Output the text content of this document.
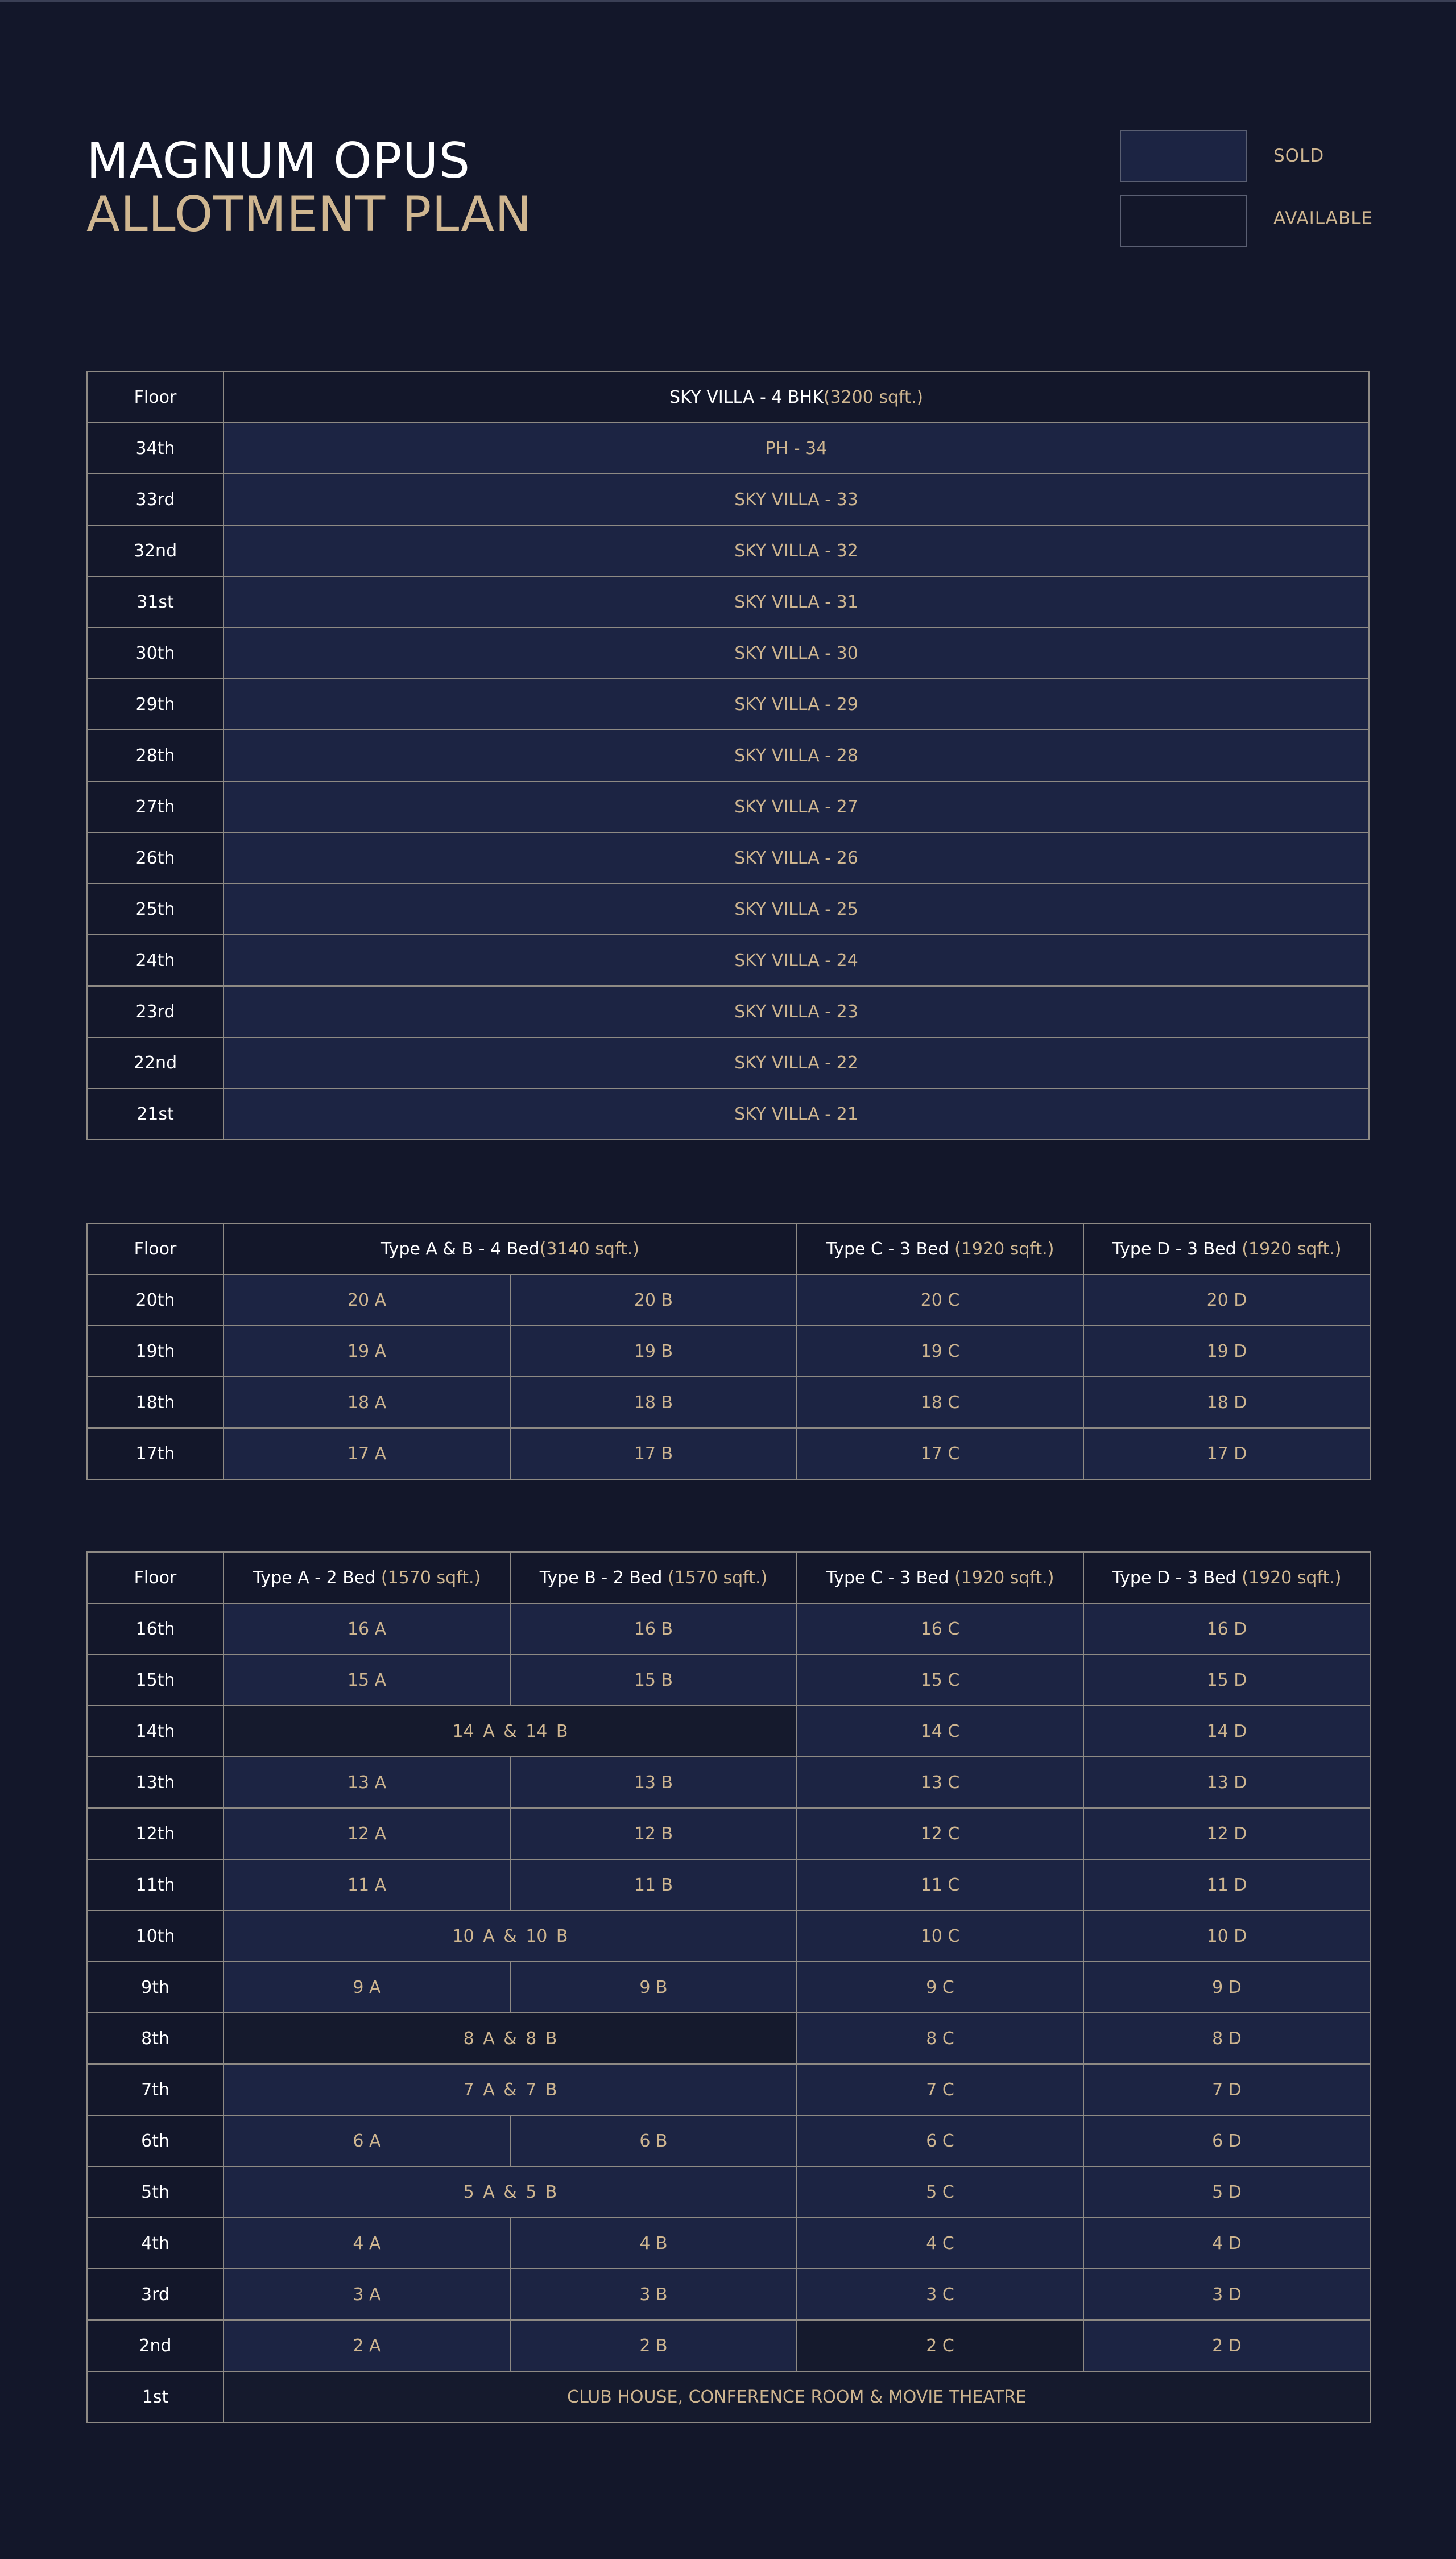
MAGNUM OPUS
ALLOTMENT PLAN
SOLD
AVAILABLE
Floor	SKY VILLA - 4 BHK(3200 sqft.)
34th	PH - 34
33rd	SKY VILLA - 33
32nd	SKY VILLA - 32
31st	SKY VILLA - 31
30th	SKY VILLA - 30
29th	SKY VILLA - 29
28th	SKY VILLA - 28
27th	SKY VILLA - 27
26th	SKY VILLA - 26
25th	SKY VILLA - 25
24th	SKY VILLA - 24
23rd	SKY VILLA - 23
22nd	SKY VILLA - 22
21st	SKY VILLA - 21
Floor	Type A & B - 4 Bed(3140 sqft.)		Type C - 3 Bed (1920 sqft.)	Type D - 3 Bed (1920 sqft.)
20th	20 A	20 B	20 C	20 D
19th	19 A	19 B	19 C	19 D
18th	18 A	18 B	18 C	18 D
17th	17 A	17 B	17 C	17 D
Floor	Type A - 2 Bed (1570 sqft.)	Type B - 2 Bed (1570 sqft.)	Type C - 3 Bed (1920 sqft.)	Type D - 3 Bed (1920 sqft.)
16th	16 A	16 B	16 C	16 D
15th	15 A	15 B	15 C	15 D
14th	14 A & 14 B		14 C	14 D
13th	13 A	13 B	13 C	13 D
12th	12 A	12 B	12 C	12 D
11th	11 A	11 B	11 C	11 D
10th	10 A & 10 B		10 C	10 D
9th	9 A	9 B	9 C	9 D
8th	8 A & 8 B		8 C	8 D
7th	7 A & 7 B		7 C	7 D
6th	6 A	6 B	6 C	6 D
5th	5 A & 5 B		5 C	5 D
4th	4 A	4 B	4 C	4 D
3rd	3 A	3 B	3 C	3 D
2nd	2 A	2 B	2 C	2 D
1st	CLUB HOUSE, CONFERENCE ROOM & MOVIE THEATRE			
